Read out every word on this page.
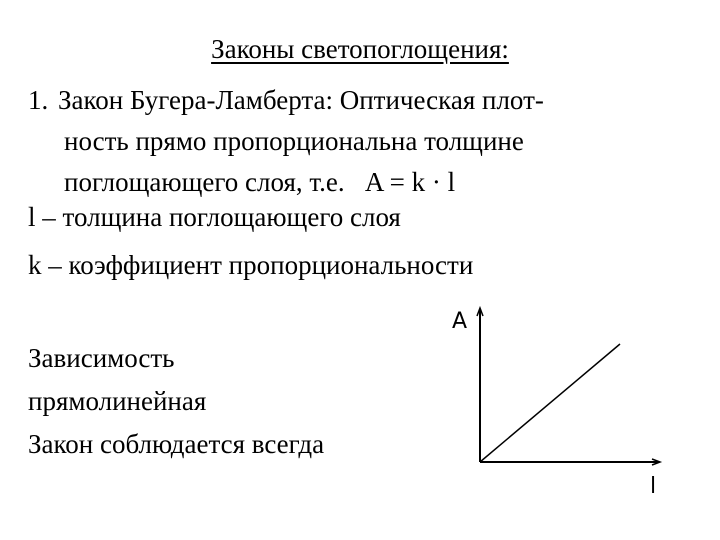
Законы светопоглощения:
1. Закон Бугера-Ламберта: Оптическая плот-
ность прямо пропорциональна толщине
поглощающего слоя, т.е.   A = k · l
l – толщина поглощающего слоя
k – коэффициент пропорциональности
Зависимость
прямолинейная
Закон соблюдается всегда
A
l
